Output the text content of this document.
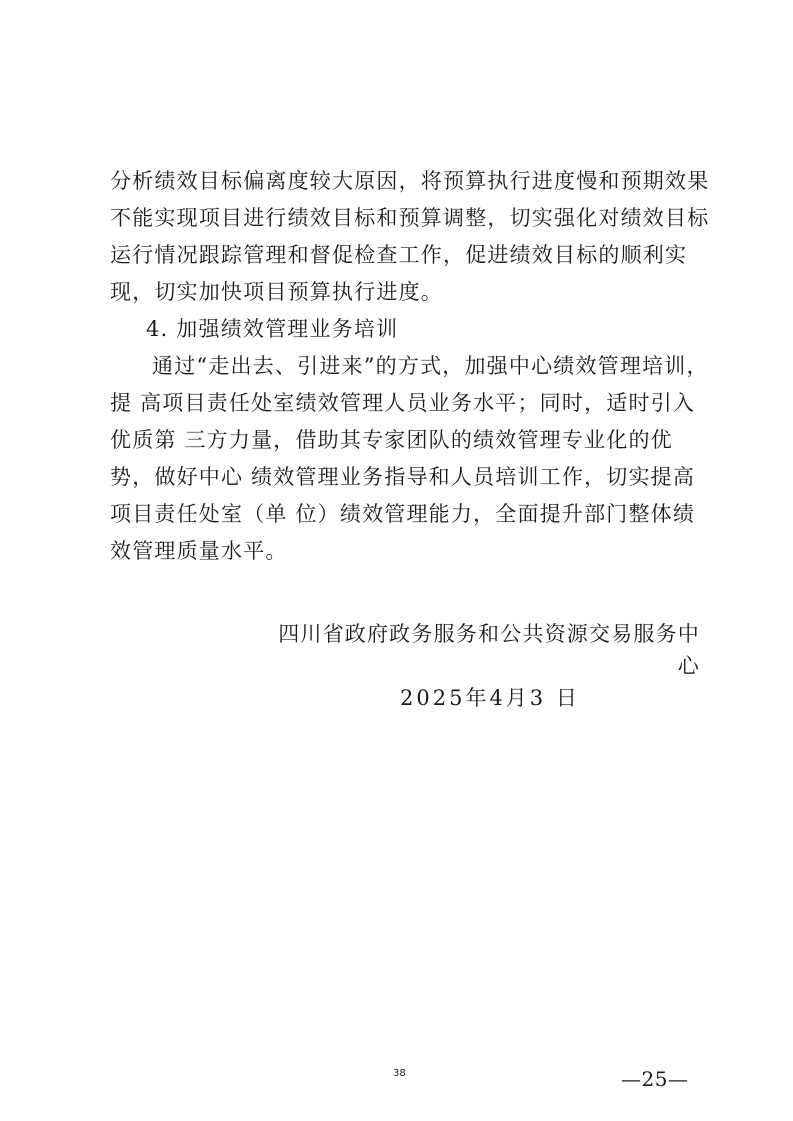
分析绩效目标偏离度较大原因，将预算执行进度慢和预期效果不能实现项目进行绩效目标和预算调整，切实强化对绩效目标运行情况跟踪管理和督促检查工作，促进绩效目标的顺利实现，切实加快项目预算执行进度。

4. 加强绩效管理业务培训

通过“走出去、引进来”的方式，加强中心绩效管理培训，提 高项目责任处室绩效管理人员业务水平；同时，适时引入优质第 三方力量，借助其专家团队的绩效管理专业化的优势，做好中心 绩效管理业务指导和人员培训工作，切实提高项目责任处室（单 位）绩效管理能力，全面提升部门整体绩效管理质量水平。

四川省政府政务服务和公共资源交易服务中心
2025年4月3 日
38	—25—
